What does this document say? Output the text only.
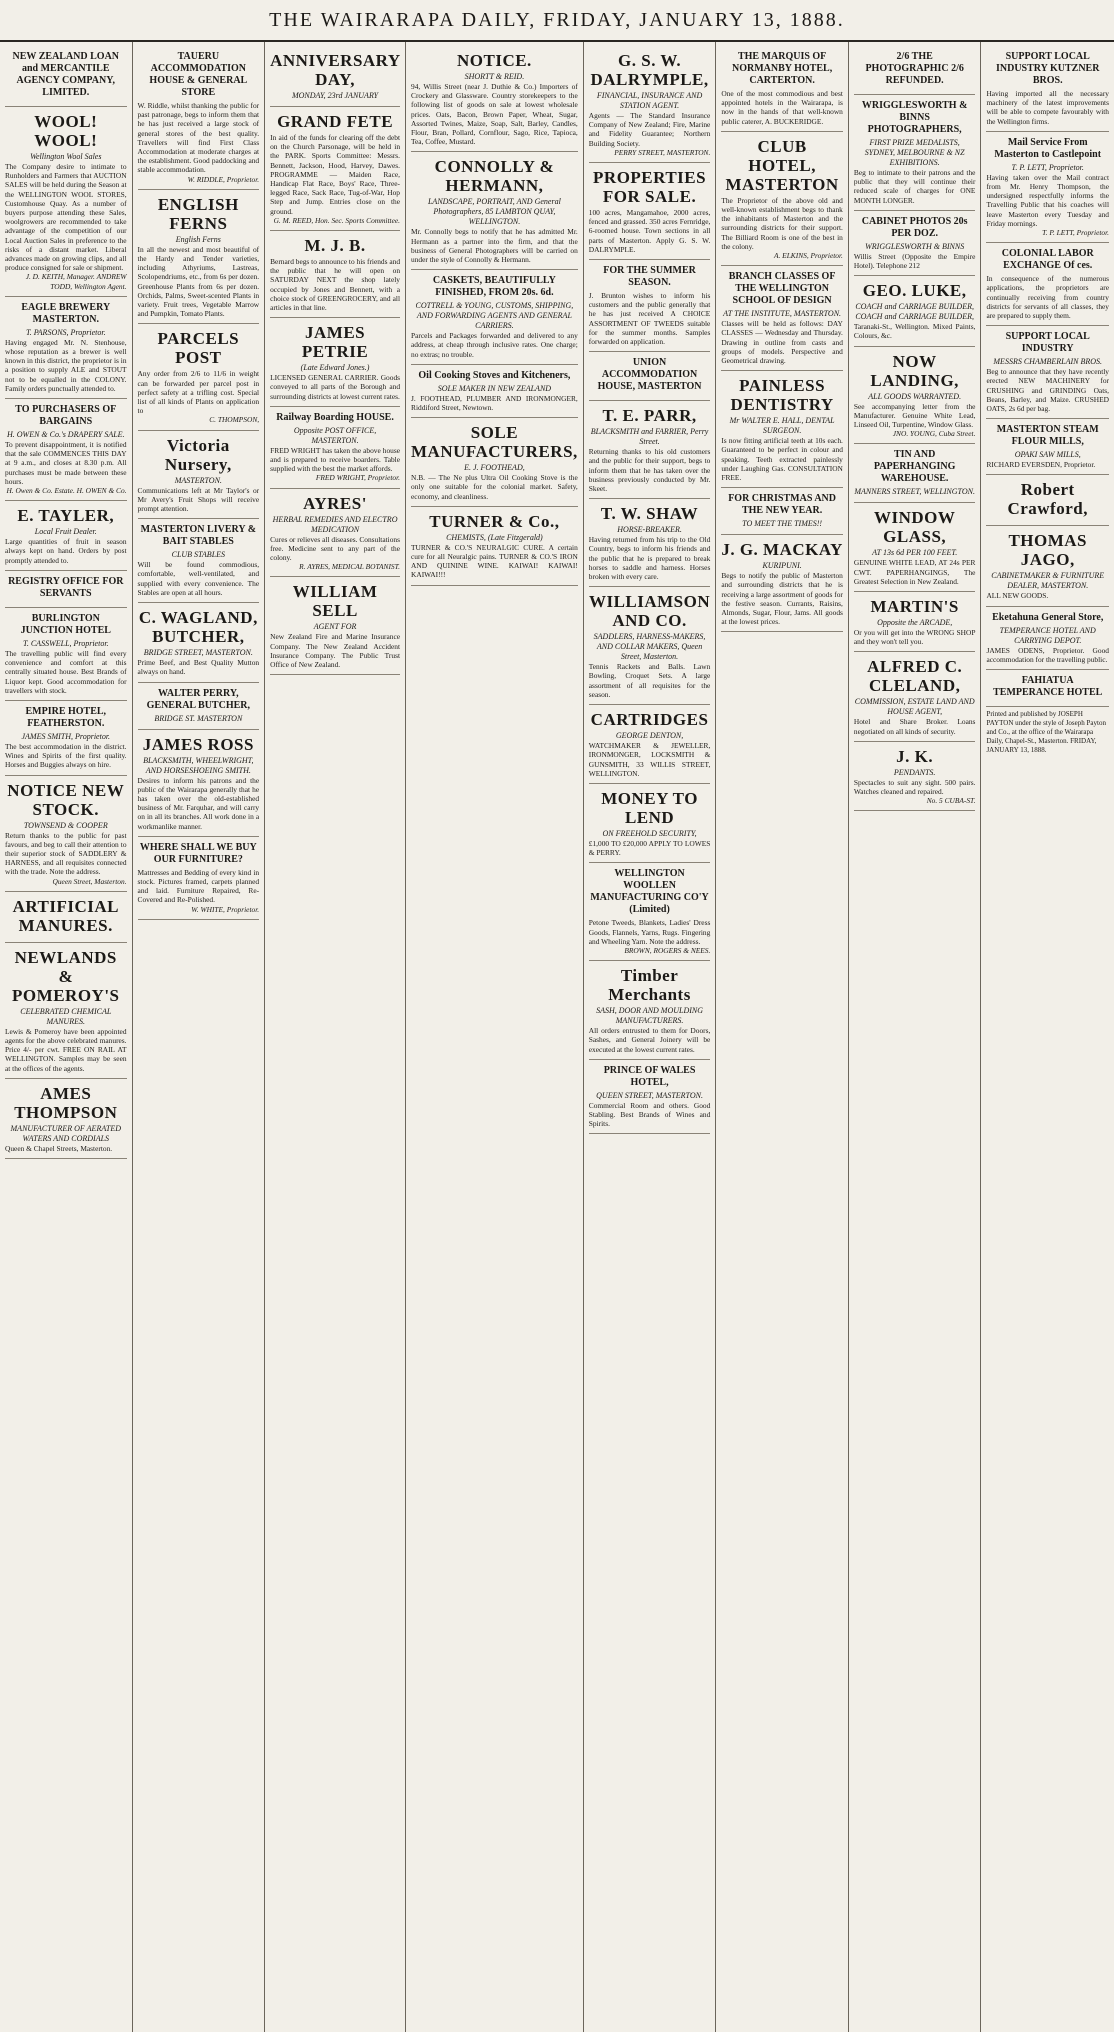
THE WAIRARAPA DAILY, FRIDAY, JANUARY 13, 1888.
NEW ZEALAND LOAN and MERCANTILE AGENCY COMPANY, LIMITED.
WOOL! WOOL!
Wellington Wool Sales
The Company desire to intimate to Runholders and Farmers that AUCTION SALES will be held during the Season at the WELLINGTON WOOL STORES, Customhouse Quay. As a number of buyers purpose attending these Sales, woolgrowers are recommended to take advantage of the competition of our Local Auction Sales in preference to the risks of a distant market. Liberal advances made on growing clips, and all produce consigned for sale or shipment.
J. D. KEITH, Manager. ANDREW TODD, Wellington Agent.
EAGLE BREWERY MASTERTON.
T. PARSONS, Proprietor.
Having engaged Mr. N. Stenhouse, whose reputation as a brewer is well known in this district, the proprietor is in a position to supply ALE and STOUT not to be equalled in the COLONY. Family orders punctually attended to.
TO PURCHASERS OF BARGAINS
H. OWEN & Co.'s DRAPERY SALE.
To prevent disappointment, it is notified that the sale COMMENCES THIS DAY at 9 a.m., and closes at 8.30 p.m. All purchases must be made between these hours.
H. Owen & Co. Estate. H. OWEN & Co.
E. TAYLER,
Local Fruit Dealer.
Large quantities of fruit in season always kept on hand. Orders by post promptly attended to.
REGISTRY OFFICE FOR SERVANTS
BURLINGTON JUNCTION HOTEL
T. CASSWELL, Proprietor.
The travelling public will find every convenience and comfort at this centrally situated house. Best Brands of Liquor kept. Good accommodation for travellers with stock.
EMPIRE HOTEL, FEATHERSTON.
JAMES SMITH, Proprietor.
The best accommodation in the district. Wines and Spirits of the first quality. Horses and Buggies always on hire.
NOTICE NEW STOCK.
TOWNSEND & COOPER
Return thanks to the public for past favours, and beg to call their attention to their superior stock of SADDLERY & HARNESS, and all requisites connected with the trade. Note the address.
Queen Street, Masterton.
ARTIFICIAL MANURES.
NEWLANDS & POMEROY'S
CELEBRATED CHEMICAL MANURES.
Lewis & Pomeroy have been appointed agents for the above celebrated manures. Price 4/- per cwt. FREE ON RAIL AT WELLINGTON. Samples may be seen at the offices of the agents.
AMES THOMPSON
MANUFACTURER OF AERATED WATERS AND CORDIALS
Queen & Chapel Streets, Masterton.
TAUERU ACCOMMODATION HOUSE & GENERAL STORE
W. Riddle, whilst thanking the public for past patronage, begs to inform them that he has just received a large stock of general stores of the best quality. Travellers will find First Class Accommodation at moderate charges at the establishment. Good paddocking and stable accommodation.
W. RIDDLE, Proprietor.
ENGLISH FERNS
English Ferns
In all the newest and most beautiful of the Hardy and Tender varieties, including Athyriums, Lastreas, Scolopendriums, etc., from 6s per dozen. Greenhouse Plants from 6s per dozen. Orchids, Palms, Sweet-scented Plants in variety. Fruit trees, Vegetable Marrow and Pumpkin, Tomato Plants.
PARCELS POST
Any order from 2/6 to 11/6 in weight can be forwarded per parcel post in perfect safety at a trifling cost. Special list of all kinds of Plants on application to
C. THOMPSON,
Victoria Nursery,
MASTERTON.
Communications left at Mr Taylor's or Mr Avery's Fruit Shops will receive prompt attention.
MASTERTON LIVERY & BAIT STABLES
CLUB STABLES
Will be found commodious, comfortable, well-ventilated, and supplied with every convenience. The Stables are open at all hours.
C. WAGLAND, BUTCHER,
BRIDGE STREET, MASTERTON.
Prime Beef, and Best Quality Mutton always on hand.
WALTER PERRY, GENERAL BUTCHER,
BRIDGE ST. MASTERTON
JAMES ROSS
BLACKSMITH, WHEELWRIGHT, AND HORSESHOEING SMITH.
Desires to inform his patrons and the public of the Wairarapa generally that he has taken over the old-established business of Mr. Farquhar, and will carry on in all its branches. All work done in a workmanlike manner.
WHERE SHALL WE BUY OUR FURNITURE?
Mattresses and Bedding of every kind in stock. Pictures framed, carpets planned and laid. Furniture Repaired, Re-Covered and Re-Polished.
W. WHITE, Proprietor.
ANNIVERSARY DAY,
MONDAY, 23rd JANUARY
GRAND FETE
In aid of the funds for clearing off the debt on the Church Parsonage, will be held in the PARK. Sports Committee: Messrs. Bennett, Jackson, Hood, Harvey, Dawes. PROGRAMME — Maiden Race, Handicap Flat Race, Boys' Race, Three-legged Race, Sack Race, Tug-of-War, Hop Step and Jump. Entries close on the ground.
G. M. REED, Hon. Sec. Sports Committee.
M. J. B.
Bernard begs to announce to his friends and the public that he will open on SATURDAY NEXT the shop lately occupied by Jones and Bennett, with a choice stock of GREENGROCERY, and all articles in that line.
JAMES PETRIE
(Late Edward Jones.)
LICENSED GENERAL CARRIER. Goods conveyed to all parts of the Borough and surrounding districts at lowest current rates.
Railway Boarding HOUSE.
Opposite POST OFFICE, MASTERTON.
FRED WRIGHT has taken the above house and is prepared to receive boarders. Table supplied with the best the market affords.
FRED WRIGHT, Proprietor.
AYRES'
HERBAL REMEDIES AND ELECTRO MEDICATION
Cures or relieves all diseases. Consultations free. Medicine sent to any part of the colony.
R. AYRES, MEDICAL BOTANIST.
WILLIAM SELL
AGENT FOR
New Zealand Fire and Marine Insurance Company. The New Zealand Accident Insurance Company. The Public Trust Office of New Zealand.
NOTICE.
SHORTT & REID.
94, Willis Street (near J. Duthie & Co.) Importers of Crockery and Glassware. Country storekeepers to the following list of goods on sale at lowest wholesale prices. Oats, Bacon, Brown Paper, Wheat, Sugar, Assorted Twines, Maize, Soap, Salt, Barley, Candles, Flour, Bran, Pollard, Cornflour, Sago, Rice, Tapioca, Tea, Coffee, Mustard.
CONNOLLY & HERMANN,
LANDSCAPE, PORTRAIT, AND General Photographers, 85 LAMBTON QUAY, WELLINGTON.
Mr. Connolly begs to notify that he has admitted Mr. Hermann as a partner into the firm, and that the business of General Photographers will be carried on under the style of Connolly & Hermann.
CASKETS, BEAUTIFULLY FINISHED, FROM 20s. 6d.
COTTRELL & YOUNG, CUSTOMS, SHIPPING, AND FORWARDING AGENTS AND GENERAL CARRIERS.
Parcels and Packages forwarded and delivered to any address, at cheap through inclusive rates. One charge; no extras; no trouble.
Oil Cooking Stoves and Kitcheners,
SOLE MAKER IN NEW ZEALAND
J. FOOTHEAD, PLUMBER AND IRONMONGER, Riddiford Street, Newtown.
SOLE MANUFACTURERS,
E. J. FOOTHEAD,
N.B. — The Ne plus Ultra Oil Cooking Stove is the only one suitable for the colonial market. Safety, economy, and cleanliness.
TURNER & Co.,
CHEMISTS, (Late Fitzgerald)
TURNER & CO.'S NEURALGIC CURE. A certain cure for all Neuralgic pains. TURNER & CO.'S IRON AND QUININE WINE. KAIWAI! KAIWAI! KAIWAI!!!
G. S. W. DALRYMPLE,
FINANCIAL, INSURANCE AND STATION AGENT.
Agents — The Standard Insurance Company of New Zealand; Fire, Marine and Fidelity Guarantee; Northern Building Society.
PERRY STREET, MASTERTON.
PROPERTIES FOR SALE.
100 acres, Mangamahoe, 2000 acres, fenced and grassed. 350 acres Fernridge, 6-roomed house. Town sections in all parts of Masterton. Apply G. S. W. DALRYMPLE.
FOR THE SUMMER SEASON.
J. Brunton wishes to inform his customers and the public generally that he has just received A CHOICE ASSORTMENT OF TWEEDS suitable for the summer months. Samples forwarded on application.
UNION ACCOMMODATION HOUSE, MASTERTON
T. E. PARR,
BLACKSMITH and FARRIER, Perry Street.
Returning thanks to his old customers and the public for their support, begs to inform them that he has taken over the business previously conducted by Mr. Skeet.
T. W. SHAW
HORSE-BREAKER.
Having returned from his trip to the Old Country, begs to inform his friends and the public that he is prepared to break horses to saddle and harness. Horses broken with every care.
WILLIAMSON AND CO.
SADDLERS, HARNESS-MAKERS, AND COLLAR MAKERS, Queen Street, Masterton.
Tennis Rackets and Balls. Lawn Bowling, Croquet Sets. A large assortment of all requisites for the season.
CARTRIDGES
GEORGE DENTON,
WATCHMAKER & JEWELLER, IRONMONGER, LOCKSMITH & GUNSMITH, 33 WILLIS STREET, WELLINGTON.
MONEY TO LEND
ON FREEHOLD SECURITY,
£1,000 TO £20,000 APPLY TO LOWES & PERRY.
WELLINGTON WOOLLEN MANUFACTURING CO'Y (Limited)
Petone Tweeds, Blankets, Ladies' Dress Goods, Flannels, Yarns, Rugs. Fingering and Wheeling Yarn. Note the address.
BROWN, ROGERS & NEES.
Timber Merchants
SASH, DOOR AND MOULDING MANUFACTURERS.
All orders entrusted to them for Doors, Sashes, and General Joinery will be executed at the lowest current rates.
PRINCE OF WALES HOTEL,
QUEEN STREET, MASTERTON.
Commercial Room and others. Good Stabling. Best Brands of Wines and Spirits.
THE MARQUIS OF NORMANBY HOTEL, CARTERTON.
One of the most commodious and best appointed hotels in the Wairarapa, is now in the hands of that well-known public caterer, A. BUCKERIDGE.
CLUB HOTEL, MASTERTON
The Proprietor of the above old and well-known establishment begs to thank the inhabitants of Masterton and the surrounding districts for their support. The Billiard Room is one of the best in the colony.
A. ELKINS, Proprietor.
BRANCH CLASSES OF THE WELLINGTON SCHOOL OF DESIGN
AT THE INSTITUTE, MASTERTON.
Classes will be held as follows: DAY CLASSES — Wednesday and Thursday. Drawing in outline from casts and groups of models. Perspective and Geometrical drawing.
PAINLESS DENTISTRY
Mr WALTER E. HALL, DENTAL SURGEON.
Is now fitting artificial teeth at 10s each. Guaranteed to be perfect in colour and speaking. Teeth extracted painlessly under Laughing Gas. CONSULTATION FREE.
FOR CHRISTMAS AND THE NEW YEAR.
TO MEET THE TIMES!!
J. G. MACKAY
KURIPUNI.
Begs to notify the public of Masterton and surrounding districts that he is receiving a large assortment of goods for the festive season. Currants, Raisins, Almonds, Sugar, Flour, Jams. All goods at the lowest prices.
2/6 THE PHOTOGRAPHIC 2/6 REFUNDED.
WRIGGLESWORTH & BINNS PHOTOGRAPHERS,
FIRST PRIZE MEDALISTS, SYDNEY, MELBOURNE & NZ EXHIBITIONS.
Beg to intimate to their patrons and the public that they will continue their reduced scale of charges for ONE MONTH LONGER.
CABINET PHOTOS 20s PER DOZ.
WRIGGLESWORTH & BINNS
Willis Street (Opposite the Empire Hotel). Telephone 212
GEO. LUKE,
COACH and CARRIAGE BUILDER, COACH and CARRIAGE BUILDER,
Taranaki-St., Wellington. Mixed Paints, Colours, &c.
NOW LANDING,
ALL GOODS WARRANTED.
See accompanying letter from the Manufacturer. Genuine White Lead, Linseed Oil, Turpentine, Window Glass.
JNO. YOUNG, Cuba Street.
TIN AND PAPERHANGING WAREHOUSE.
MANNERS STREET, WELLINGTON.
WINDOW GLASS,
AT 13s 6d PER 100 FEET.
GENUINE WHITE LEAD, AT 24s PER CWT. PAPERHANGINGS, The Greatest Selection in New Zealand.
MARTIN'S
Opposite the ARCADE,
Or you will get into the WRONG SHOP and they won't tell you.
ALFRED C. CLELAND,
COMMISSION, ESTATE LAND AND HOUSE AGENT,
Hotel and Share Broker. Loans negotiated on all kinds of security.
J. K.
PENDANTS.
Spectacles to suit any sight. 500 pairs. Watches cleaned and repaired.
No. 5 CUBA-ST.
SUPPORT LOCAL INDUSTRY KUTZNER BROS.
Having imported all the necessary machinery of the latest improvements will be able to compete favourably with the Wellington firms.
Mail Service From Masterton to Castlepoint
T. P. LETT, Proprietor.
Having taken over the Mail contract from Mr. Henry Thompson, the undersigned respectfully informs the Travelling Public that his coaches will leave Masterton every Tuesday and Friday mornings.
T. P. LETT, Proprietor.
COLONIAL LABOR EXCHANGE Of ces.
In consequence of the numerous applications, the proprietors are continually receiving from country districts for servants of all classes, they are prepared to supply them.
SUPPORT LOCAL INDUSTRY
MESSRS CHAMBERLAIN BROS.
Beg to announce that they have recently erected NEW MACHINERY for CRUSHING and GRINDING Oats, Beans, Barley, and Maize. CRUSHED OATS, 2s 6d per bag.
MASTERTON STEAM FLOUR MILLS,
OPAKI SAW MILLS,
RICHARD EVERSDEN, Proprietor.
Robert Crawford,
THOMAS JAGO,
CABINETMAKER & FURNITURE DEALER, MASTERTON.
ALL NEW GOODS.
Eketahuna General Store,
TEMPERANCE HOTEL AND CARRYING DEPOT.
JAMES ODENS, Proprietor. Good accommodation for the travelling public.
FAHIATUA TEMPERANCE HOTEL
Printed and published by JOSEPH PAYTON under the style of Joseph Payton and Co., at the office of the Wairarapa Daily, Chapel-St., Masterton. FRIDAY, JANUARY 13, 1888.
